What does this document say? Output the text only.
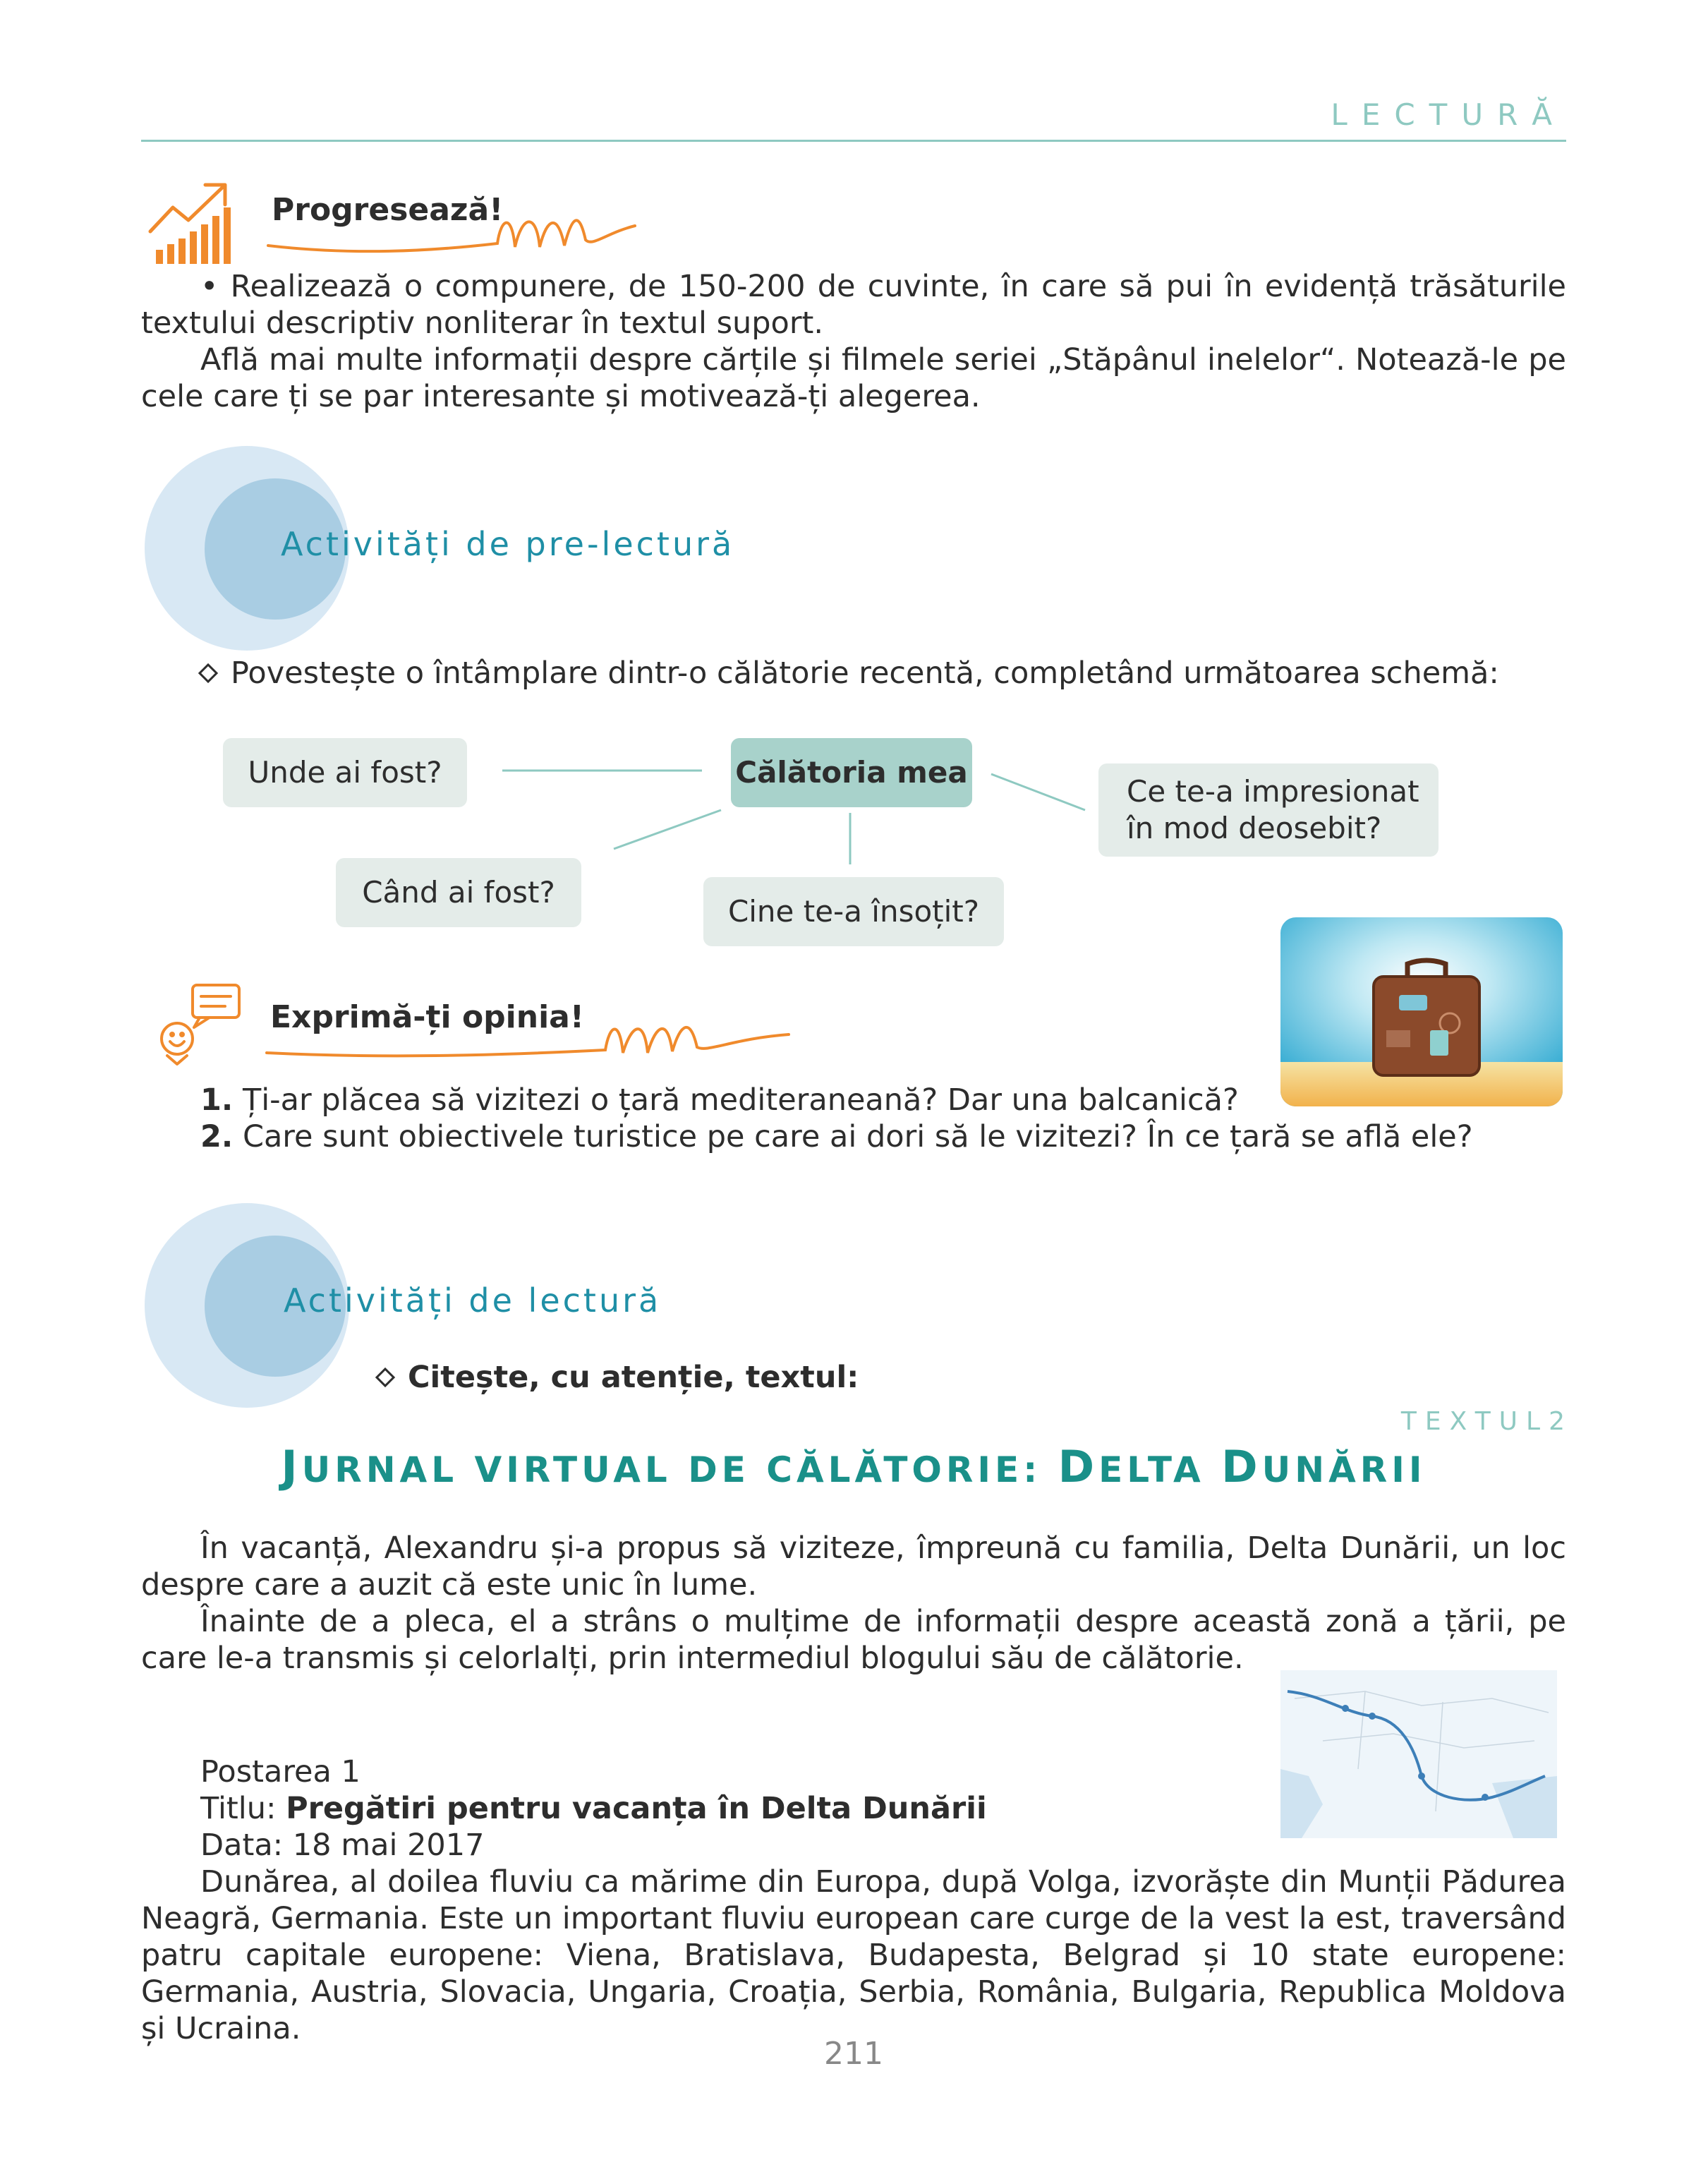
LECTURĂ
Progresează!
• Realizează o compunere, de 150-200 de cuvinte, în care să pui în evidență trăsăturile textului descriptiv nonliterar în textul suport.
Află mai multe informații despre cărțile și filmele seriei „Stăpânul inelelor“. Notează-le pe cele care ți se par interesante și motivează-ți alegerea.
Activități de pre-lectură
Povestește o întâmplare dintr-o călătorie recentă, completând următoarea schemă:
Călătoria mea
Unde ai fost?
Când ai fost?
Cine te-a însoțit?
Ce te-a impresionat în mod deosebit?
Exprimă-ți opinia!
1. Ți-ar plăcea să vizitezi o țară mediteraneană? Dar una balcanică?
2. Care sunt obiectivele turistice pe care ai dori să le vizitezi? În ce țară se află ele?
Activități de lectură
Citește, cu atenție, textul:
TEXTUL2
JURNAL VIRTUAL DE CĂLĂTORIE: DELTA DUNĂRII
În vacanță, Alexandru și-a propus să viziteze, împreună cu familia, Delta Dunării, un loc despre care a auzit că este unic în lume.
Înainte de a pleca, el a strâns o mulțime de informații despre această zonă a țării, pe care le-a transmis și celorlalți, prin intermediul blogului său de călătorie.
Postarea 1
Titlu: Pregătiri pentru vacanța în Delta Dunării
Data: 18 mai 2017
Dunărea, al doilea fluviu ca mărime din Europa, după Volga, izvorăște din Munții Pădurea Neagră, Germania. Este un important fluviu european care curge de la vest la est, traversând patru capitale europene: Viena, Bratislava, Budapesta, Belgrad și 10 state europene: Germania, Austria, Slovacia, Ungaria, Croația, Serbia, România, Bulgaria, Republica Moldova și Ucraina.
211
